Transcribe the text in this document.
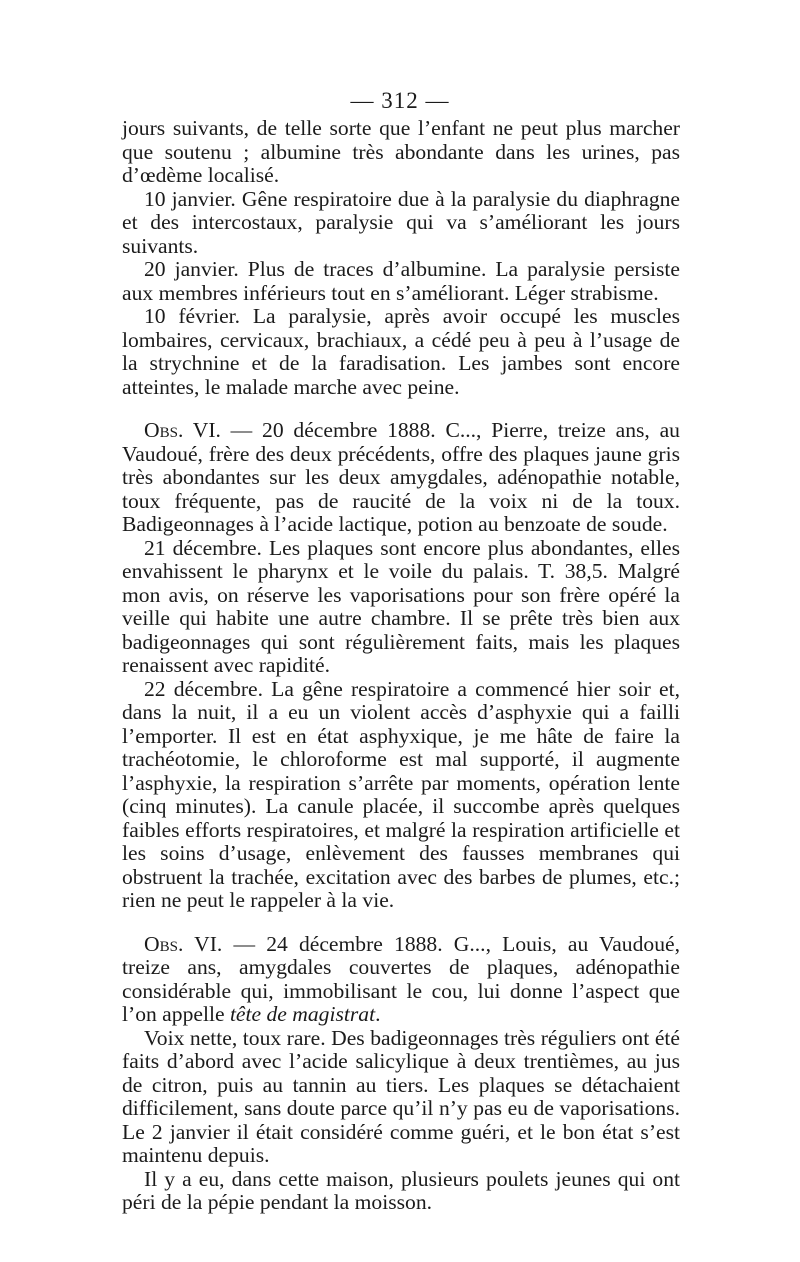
— 312 —

jours suivants, de telle sorte que l’enfant ne peut plus marcher que soutenu ; albumine très abondante dans les urines, pas d’œdème localisé.

10 janvier. Gêne respiratoire due à la paralysie du diaphragne et des intercostaux, paralysie qui va s’améliorant les jours suivants.

20 janvier. Plus de traces d’albumine. La paralysie persiste aux membres inférieurs tout en s’améliorant. Léger strabisme.

10 février. La paralysie, après avoir occupé les muscles lombaires, cervicaux, brachiaux, a cédé peu à peu à l’usage de la strychnine et de la faradisation. Les jambes sont encore atteintes, le malade marche avec peine.

Obs. VI. — 20 décembre 1888. C..., Pierre, treize ans, au Vaudoué, frère des deux précédents, offre des plaques jaune gris très abondantes sur les deux amygdales, adénopathie notable, toux fréquente, pas de raucité de la voix ni de la toux. Badigeonnages à l’acide lactique, potion au benzoate de soude.

21 décembre. Les plaques sont encore plus abondantes, elles envahissent le pharynx et le voile du palais. T. 38,5. Malgré mon avis, on réserve les vaporisations pour son frère opéré la veille qui habite une autre chambre. Il se prête très bien aux badigeonnages qui sont régulièrement faits, mais les plaques renaissent avec rapidité.

22 décembre. La gêne respiratoire a commencé hier soir et, dans la nuit, il a eu un violent accès d’asphyxie qui a failli l’emporter. Il est en état asphyxique, je me hâte de faire la trachéotomie, le chloroforme est mal supporté, il augmente l’asphyxie, la respiration s’arrête par moments, opération lente (cinq minutes). La canule placée, il succombe après quelques faibles efforts respiratoires, et malgré la respiration artificielle et les soins d’usage, enlèvement des fausses membranes qui obstruent la trachée, excitation avec des barbes de plumes, etc.; rien ne peut le rappeler à la vie.

Obs. VI. — 24 décembre 1888. G..., Louis, au Vaudoué, treize ans, amygdales couvertes de plaques, adénopathie considérable qui, immobilisant le cou, lui donne l’aspect que l’on appelle tête de magistrat.

Voix nette, toux rare. Des badigeonnages très réguliers ont été faits d’abord avec l’acide salicylique à deux trentièmes, au jus de citron, puis au tannin au tiers. Les plaques se détachaient difficilement, sans doute parce qu’il n’y pas eu de vaporisations. Le 2 janvier il était considéré comme guéri, et le bon état s’est maintenu depuis.

Il y a eu, dans cette maison, plusieurs poulets jeunes qui ont péri de la pépie pendant la moisson.
